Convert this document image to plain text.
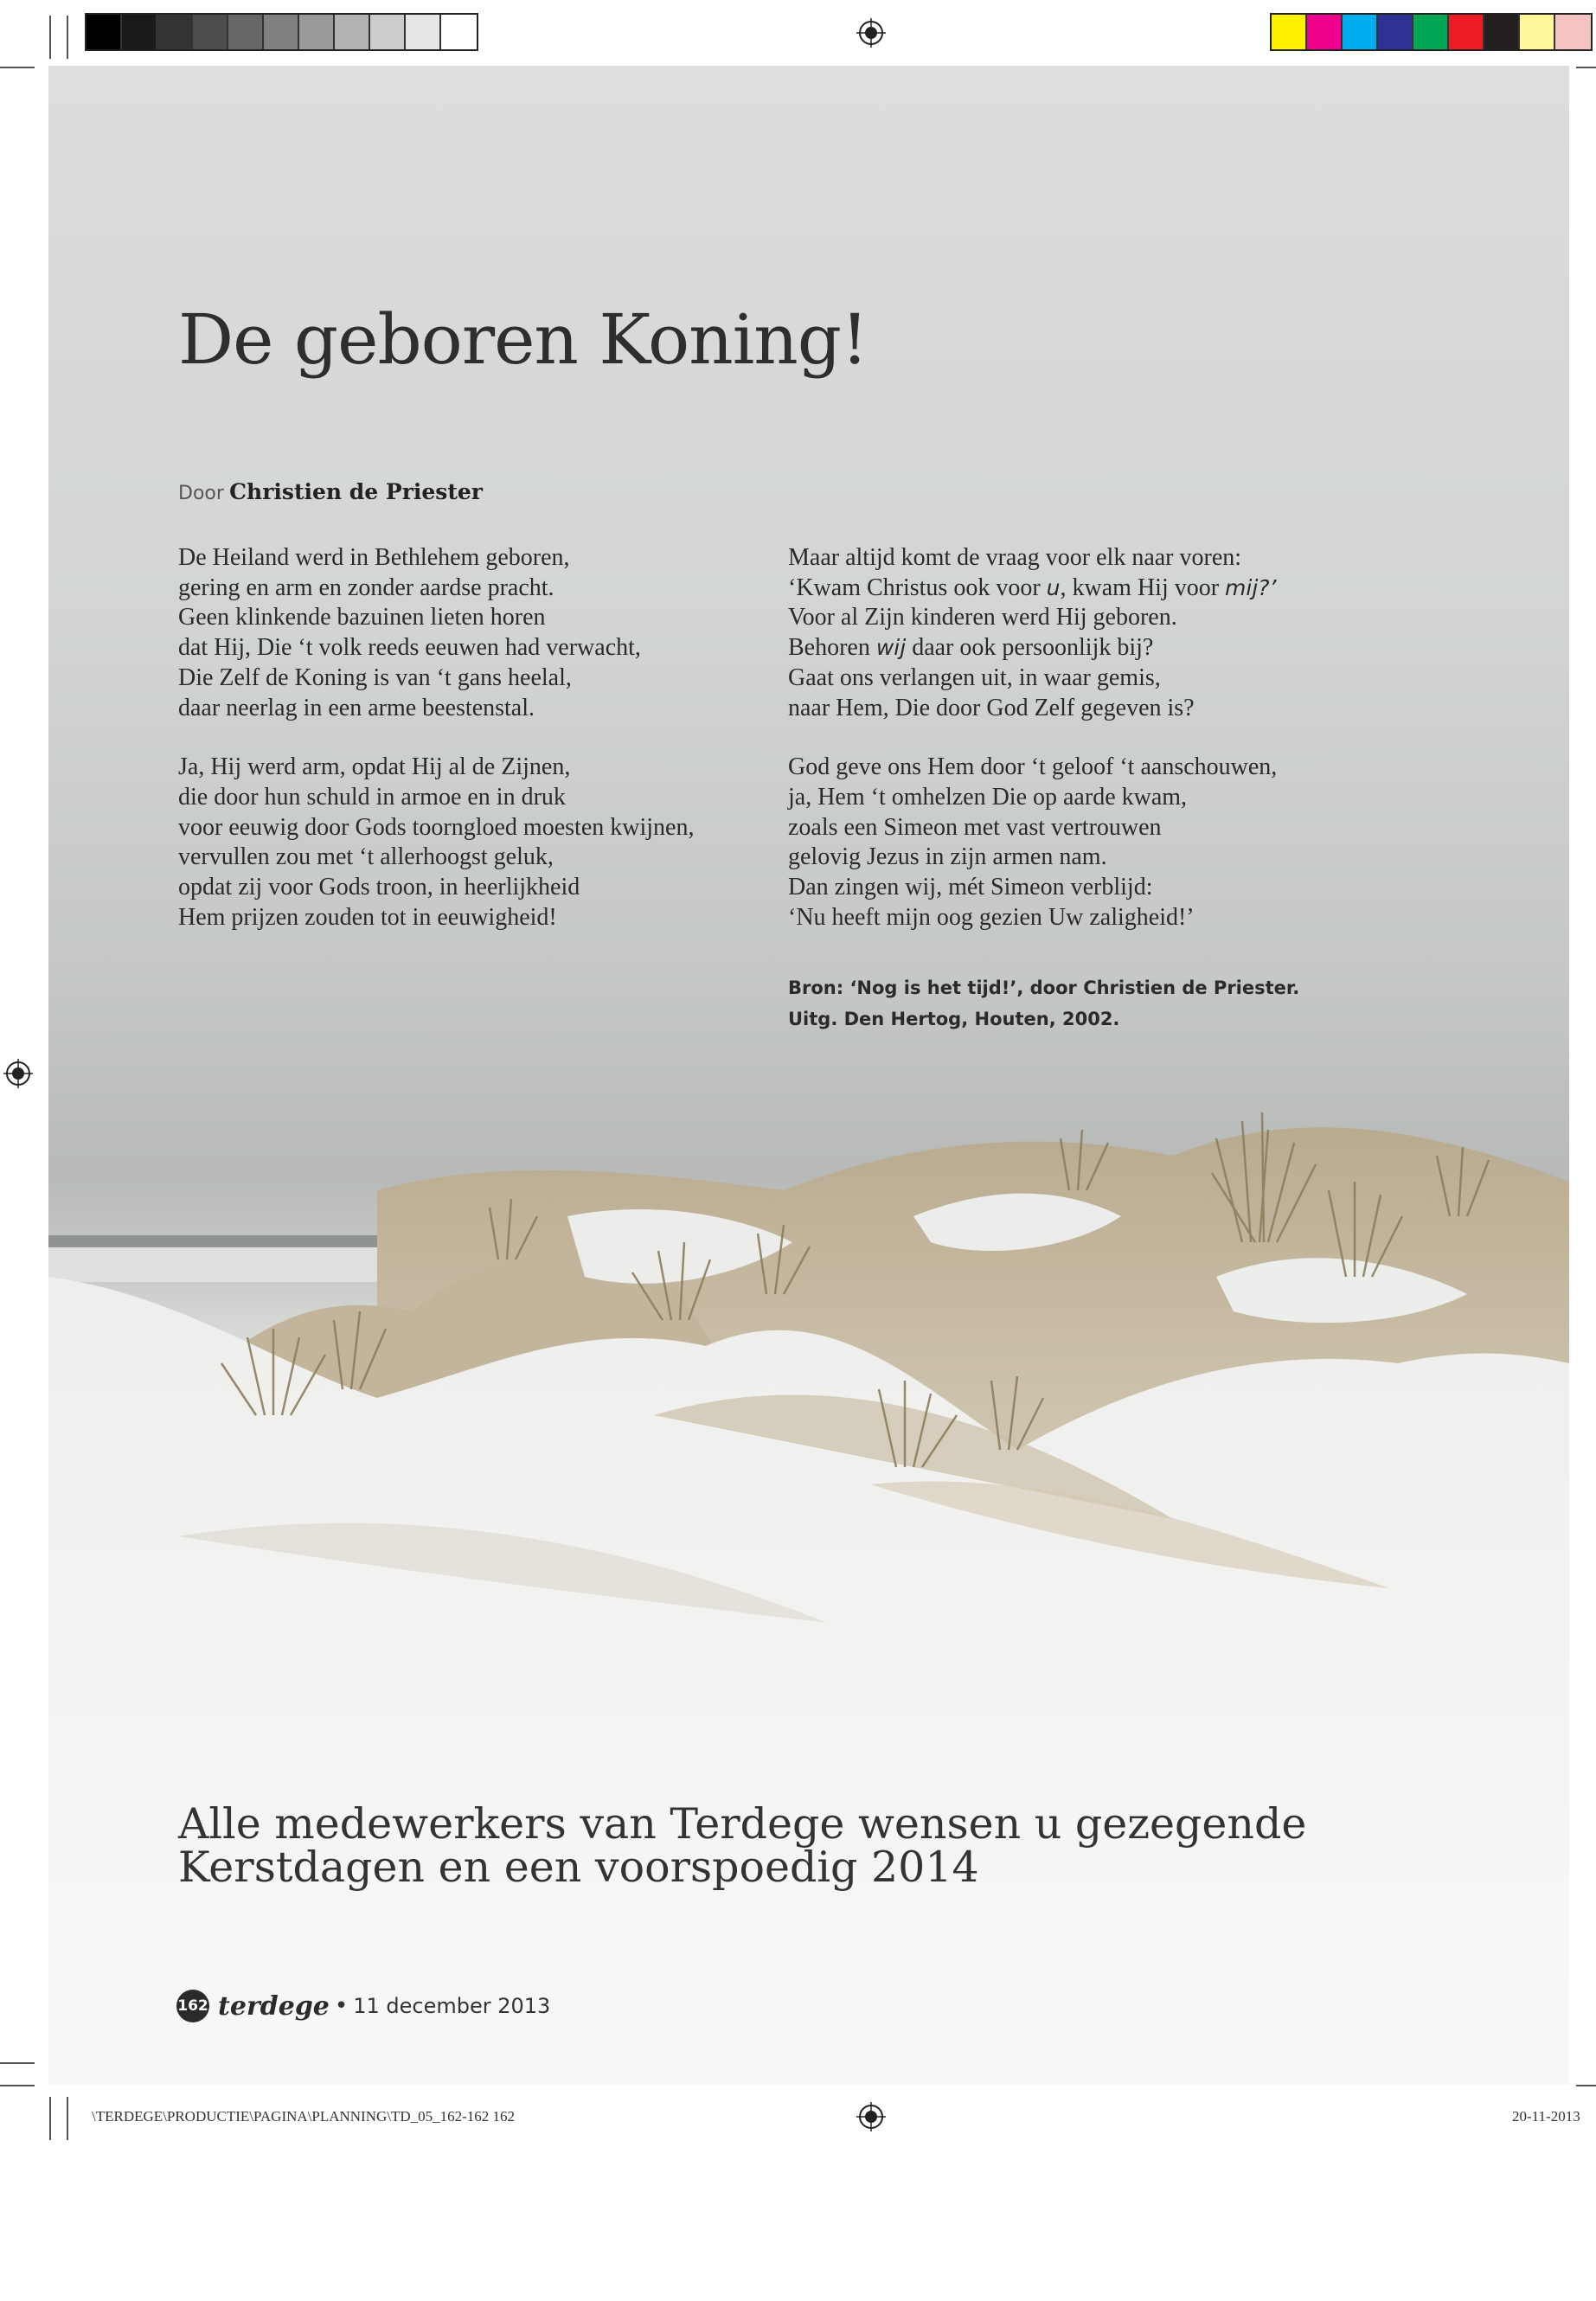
De geboren Koning!
Door Christien de Priester

De Heiland werd in Bethlehem geboren,
gering en arm en zonder aardse pracht.
Geen klinkende bazuinen lieten horen
dat Hij, Die ‘t volk reeds eeuwen had verwacht,
Die Zelf de Koning is van ‘t gans heelal,
daar neerlag in een arme beestenstal.

Ja, Hij werd arm, opdat Hij al de Zijnen,
die door hun schuld in armoe en in druk
voor eeuwig door Gods toorngloed moesten kwijnen,
vervullen zou met ‘t allerhoogst geluk,
opdat zij voor Gods troon, in heerlijkheid
Hem prijzen zouden tot in eeuwigheid!

Maar altijd komt de vraag voor elk naar voren:
‘Kwam Christus ook voor u, kwam Hij voor mij?’
Voor al Zijn kinderen werd Hij geboren.
Behoren wij daar ook persoonlijk bij?
Gaat ons verlangen uit, in waar gemis,
naar Hem, Die door God Zelf gegeven is?

God geve ons Hem door ‘t geloof ‘t aanschouwen,
ja, Hem ‘t omhelzen Die op aarde kwam,
zoals een Simeon met vast vertrouwen
gelovig Jezus in zijn armen nam.
Dan zingen wij, mét Simeon verblijd:
‘Nu heeft mijn oog gezien Uw zaligheid!’

Bron: ‘Nog is het tijd!’, door Christien de Priester.
Uitg. Den Hertog, Houten, 2002.
Alle medewerkers van Terdege wensen u gezegende
Kerstdagen en een voorspoedig 2014
162 terdege • 11 december 2013
\TERDEGE\PRODUCTIE\PAGINA\PLANNING\TD_05_162-162 162	20-11-2013
